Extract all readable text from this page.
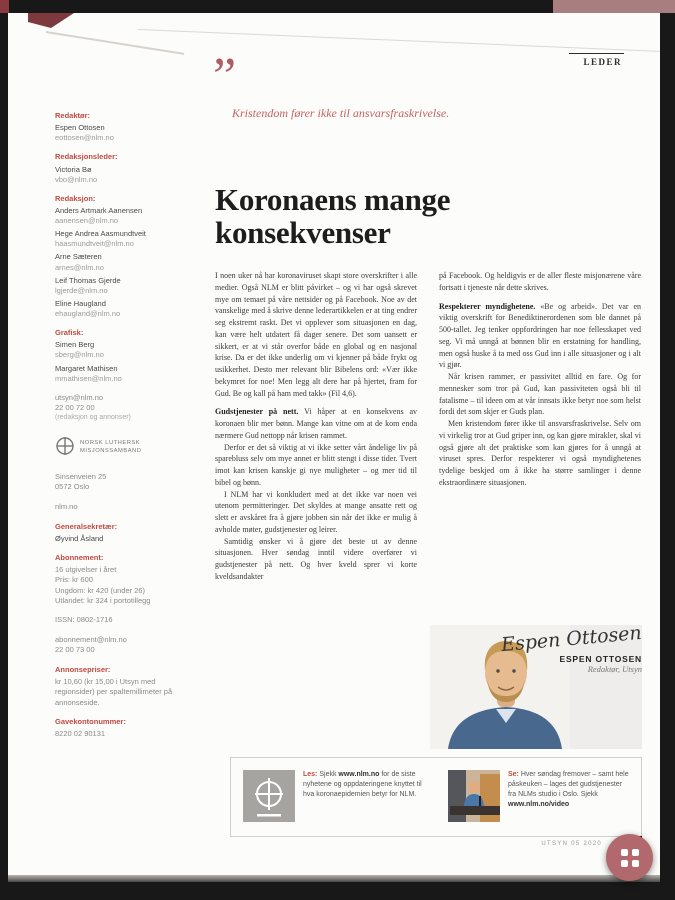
LEDER
Redaktør:
Espen Ottosen
eottosen@nlm.no
Redaksjonsleder:
Victoria Bø
vbo@nlm.no
Redaksjon:
Anders Artmark Aanensen
aanensen@nlm.no
Hege Andrea Aasmundtveit
haasmundtveit@nlm.no
Arne Sæteren
arnes@nlm.no
Leif Thomas Gjerde
lgjerde@nlm.no
Eline Haugland
ehaugland@nlm.no
Grafisk:
Simen Berg
sberg@nlm.no
Margaret Mathisen
mmathisen@nlm.no
utsyn@nlm.no
22 00 72 00
(redaksjon og annonser)
NORSK LUTHERSK MISJONSSAMBAND
Sinsenveien 25
0572 Oslo
nlm.no
Generalsekretær:
Øyvind Åsland
Abonnement:
16 utgivelser i året
Pris: kr 600
Ungdom: kr 420 (under 26)
Utlandet: kr 324 i portotillegg
ISSN: 0802-1716
abonnement@nlm.no
22 00 73 00
Annonsepriser:
kr 10,60 (kr 15,00 i Utsyn med regionsider) per spaltemillimeter på annonseside.
Gavekontonummer:
8220 02 90131
”
Kristendom fører ikke til ansvarsfraskrivelse.
Koronaens mange konsekvenser

I noen uker nå har koronaviruset skapt store overskrifter i alle medier. Også NLM er blitt påvirket – og vi har også skrevet mye om temaet på våre nettsider og på Facebook. Noe av det vanskelige med å skrive denne lederartikkelen er at ting endrer seg ekstremt raskt. Det vi opplever som situasjonen en dag, kan være helt utdatert få dager senere. Det som uansett er sikkert, er at vi står overfor både en global og en nasjonal krise. Da er det ikke underlig om vi kjenner på både frykt og usikkerhet. Desto mer relevant blir Bibelens ord: «Vær ikke bekymret for noe! Men legg alt dere har på hjertet, fram for Gud. Be og kall på ham med takk» (Fil 4,6).

Gudstjenester på nett. Vi håper at en konsekvens av koronaen blir mer bønn. Mange kan vitne om at de kom enda nærmere Gud nettopp når krisen rammet.

Derfor er det så viktig at vi ikke setter vårt åndelige liv på sparebluss selv om mye annet er blitt stengt i disse tider. Tvert imot kan krisen kanskje gi nye muligheter – og mer tid til bibel og bønn.

I NLM har vi konkludert med at det ikke var noen vei utenom permitteringer. Det skyldes at mange ansatte rett og slett er avskåret fra å gjøre jobben sin når det ikke er mulig å avholde møter, gudstjenester og leirer.

Samtidig ønsker vi å gjøre det beste ut av denne situasjonen. Hver søndag inntil videre overfører vi gudstjenester på nett. Og hver kveld sprer vi korte kveldsandakter

på Facebook. Og heldigvis er de aller fleste misjonærene våre fortsatt i tjeneste når dette skrives.

Respekterer myndighetene. «Be og arbeid». Det var en viktig overskrift for Benediktinerordenen som ble dannet på 500-tallet. Jeg tenker oppfordringen har noe fellesskapet ved seg. Vi må unngå at bønnen blir en erstatning for handling, men også huske å ta med oss Gud inn i alle situasjoner og i alt vi gjør.

Når krisen rammer, er passivitet alltid en fare. Og for mennesker som tror på Gud, kan passiviteten også bli til fatalisme – til ideen om at vår innsats ikke betyr noe som helst fordi det som skjer er Guds plan.

Men kristendom fører ikke til ansvarsfraskrivelse. Selv om vi virkelig tror at Gud griper inn, og kan gjøre mirakler, skal vi også gjøre alt det praktiske som kan gjøres for å unngå at viruset spres. Derfor respekterer vi også myndighetenes tydelige beskjed om å ikke ha større samlinger i denne ekstraordinære situasjonen.

Espen Ottosen
ESPEN OTTOSEN
Redaktør, Utsyn

Les: Sjekk www.nlm.no for de siste nyhetene og oppdateringene knyttet til hva koronaepidemien betyr for NLM.

Se: Hver søndag fremover – samt hele påskeuken – lages det gudstjenester fra NLMs studio i Oslo. Sjekk www.nlm.no/video

UTSYN 05 2020
